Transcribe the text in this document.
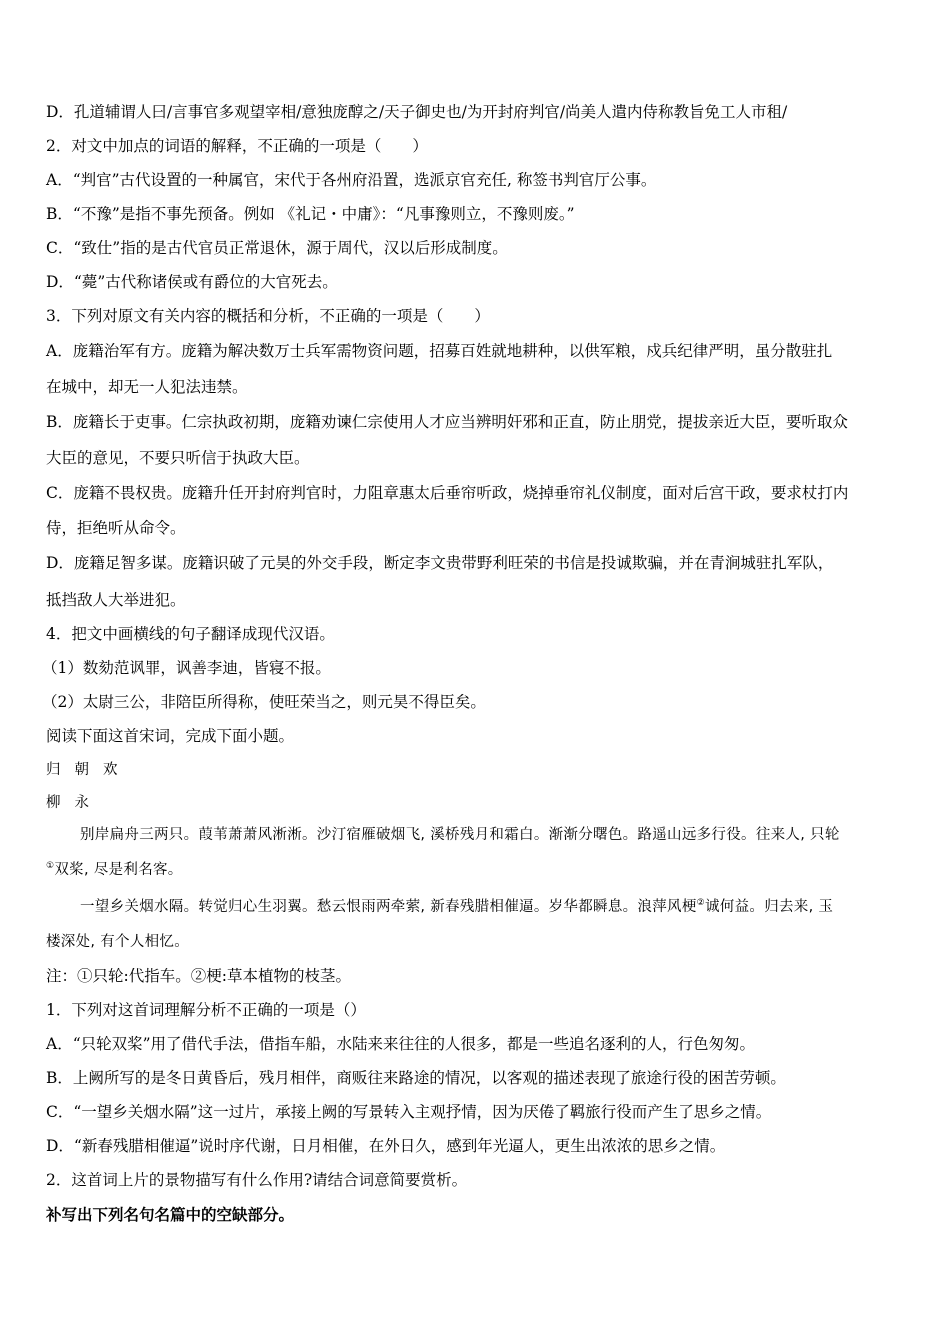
D．孔道辅谓人曰/言事官多观望宰相/意独庞醇之/天子御史也/为开封府判官/尚美人遣内侍称教旨免工人市租/
2．对文中加点的词语的解释，不正确的一项是（　　）
A．“判官”古代设置的一种属官，宋代于各州府沿置，选派京官充任, 称签书判官厅公事。
B．“不豫”是指不事先预备。例如 《礼记・中庸》：“凡事豫则立，不豫则废。”
C．“致仕”指的是古代官员正常退休，源于周代，汉以后形成制度。
D．“薨”古代称诸侯或有爵位的大官死去。
3．下列对原文有关内容的概括和分析，不正确的一项是（　　）
A．庞籍治军有方。庞籍为解决数万士兵军需物资问题，招募百姓就地耕种，以供军粮，戍兵纪律严明，虽分散驻扎
在城中，却无一人犯法违禁。
B．庞籍长于吏事。仁宗执政初期，庞籍劝谏仁宗使用人才应当辨明奸邪和正直，防止朋党，提拔亲近大臣，要听取众
大臣的意见，不要只听信于执政大臣。
C．庞籍不畏权贵。庞籍升任开封府判官时，力阻章惠太后垂帘听政，烧掉垂帘礼仪制度，面对后宫干政，要求杖打内
侍，拒绝听从命令。
D．庞籍足智多谋。庞籍识破了元昊的外交手段，断定李文贵带野利旺荣的书信是投诚欺骗，并在青涧城驻扎军队，
抵挡敌人大举进犯。
4．把文中画横线的句子翻译成现代汉语。
（1）数劾范讽罪，讽善李迪，皆寝不报。
（2）太尉三公，非陪臣所得称，使旺荣当之，则元昊不得臣矣。
阅读下面这首宋词，完成下面小题。
归朝欢
柳永
别岸扁舟三两只。葭苇萧萧风淅淅。沙汀宿雁破烟飞, 溪桥残月和霜白。渐渐分曙色。路遥山远多行役。往来人, 只轮
①双桨, 尽是利名客。
一望乡关烟水隔。转觉归心生羽翼。愁云恨雨两牵萦, 新春残腊相催逼。岁华都瞬息。浪萍风梗②诚何益。归去来, 玉
楼深处, 有个人相忆。
注：①只轮:代指车。②梗:草本植物的枝茎。
1．下列对这首词理解分析不正确的一项是（）
A．“只轮双桨”用了借代手法，借指车船，水陆来来往往的人很多，都是一些追名逐利的人，行色匆匆。
B．上阙所写的是冬日黄昏后，残月相伴，商贩往来路途的情况，以客观的描述表现了旅途行役的困苦劳顿。
C．“一望乡关烟水隔”这一过片，承接上阙的写景转入主观抒情，因为厌倦了羁旅行役而产生了思乡之情。
D．“新春残腊相催逼”说时序代谢，日月相催，在外日久，感到年光逼人，更生出浓浓的思乡之情。
2．这首词上片的景物描写有什么作用?请结合词意简要赏析。
补写出下列名句名篇中的空缺部分。
